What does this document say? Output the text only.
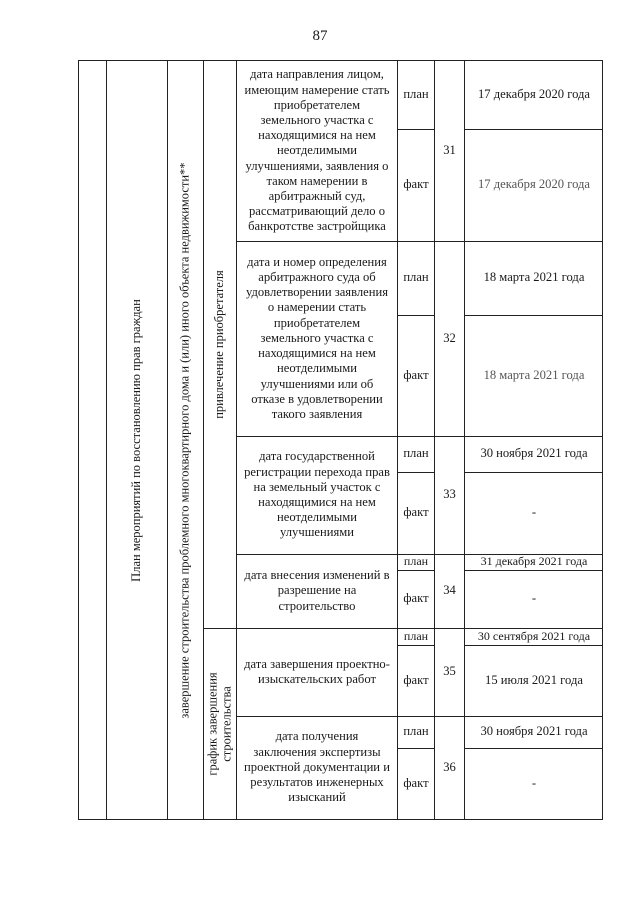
87
План мероприятий по восстановлению прав граждан	завершение строительства проблемного многоквартирного дома и (или) иного объекта недвижимости** привлечение приобретателя
график завершения строительства
дата направления лицом, имеющим намерение стать приобретателем земельного участка с находящимися на нем неотделимыми улучшениями, заявления о таком намерении в арбитражный суд, рассматривающий дело о банкротстве застройщика
план
факт
31
17 декабря 2020 года
17 декабря 2020 года
дата и номер определения арбитражного суда об удовлетворении заявления о намерении стать приобретателем земельного участка с находящимися на нем неотделимыми улучшениями или об отказе в удовлетворении такого заявления
план
факт
32
18 марта 2021 года
18 марта 2021 года
дата государственной регистрации перехода прав на земельный участок с находящимися на нем неотделимыми улучшениями
план
факт
33
30 ноября 2021 года
-
дата внесения изменений в разрешение на строительство
план
факт
34
31 декабря 2021 года
-
дата завершения проектно-изыскательских работ
план
факт
35
30 сентября 2021 года
15 июля 2021 года
дата получения заключения экспертизы проектной документации и результатов инженерных изысканий
план
факт
36
30 ноября 2021 года
-
